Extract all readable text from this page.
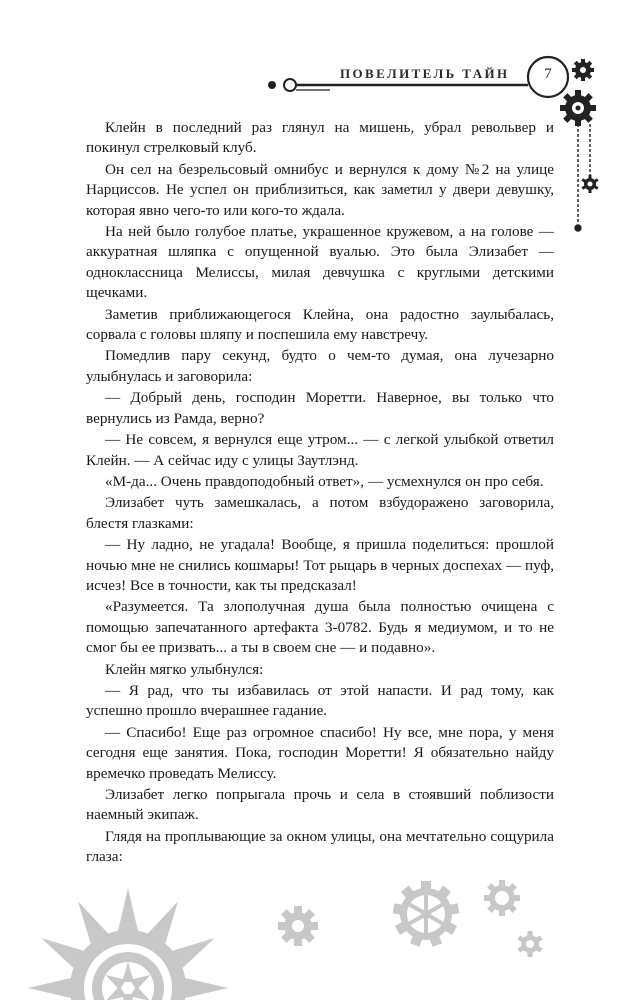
ПОВЕЛИТЕЛЬ ТАЙН	7

Клейн в последний раз глянул на мишень, убрал револьвер и покинул стрелковый клуб.

Он сел на безрельсовый омнибус и вернулся к дому №2 на улице Нарциссов. Не успел он приблизиться, как заметил у двери девушку, которая явно чего-то или кого-то ждала.

На ней было голубое платье, украшенное кружевом, а на голове — аккуратная шляпка с опущенной вуалью. Это была Элизабет — одноклассница Мелиссы, милая девчушка с круглыми детскими щечками.

Заметив приближающегося Клейна, она радостно заулыбалась, сорвала с головы шляпу и поспешила ему навстречу.

Помедлив пару секунд, будто о чем-то думая, она лучезарно улыбнулась и заговорила:

— Добрый день, господин Моретти. Наверное, вы только что вернулись из Рамда, верно?

— Не совсем, я вернулся еще утром... — с легкой улыбкой ответил Клейн. — А сейчас иду с улицы Заутлэнд.

«М-да... Очень правдоподобный ответ», — усмехнулся он про себя.

Элизабет чуть замешкалась, а потом взбудоражено заговорила, блестя глазками:

— Ну ладно, не угадала! Вообще, я пришла поделиться: прошлой ночью мне не снились кошмары! Тот рыцарь в черных доспехах — пуф, исчез! Все в точности, как ты предсказал!

«Разумеется. Та злополучная душа была полностью очищена с помощью запечатанного артефакта 3-0782. Будь я медиумом, и то не смог бы ее призвать... а ты в своем сне — и подавно».

Клейн мягко улыбнулся:

— Я рад, что ты избавилась от этой напасти. И рад тому, как успешно прошло вчерашнее гадание.

— Спасибо! Еще раз огромное спасибо! Ну все, мне пора, у меня сегодня еще занятия. Пока, господин Моретти! Я обязательно найду времечко проведать Мелиссу.

Элизабет легко попрыгала прочь и села в стоявший поблизости наемный экипаж.

Глядя на проплывающие за окном улицы, она мечтательно сощурила глаза:
